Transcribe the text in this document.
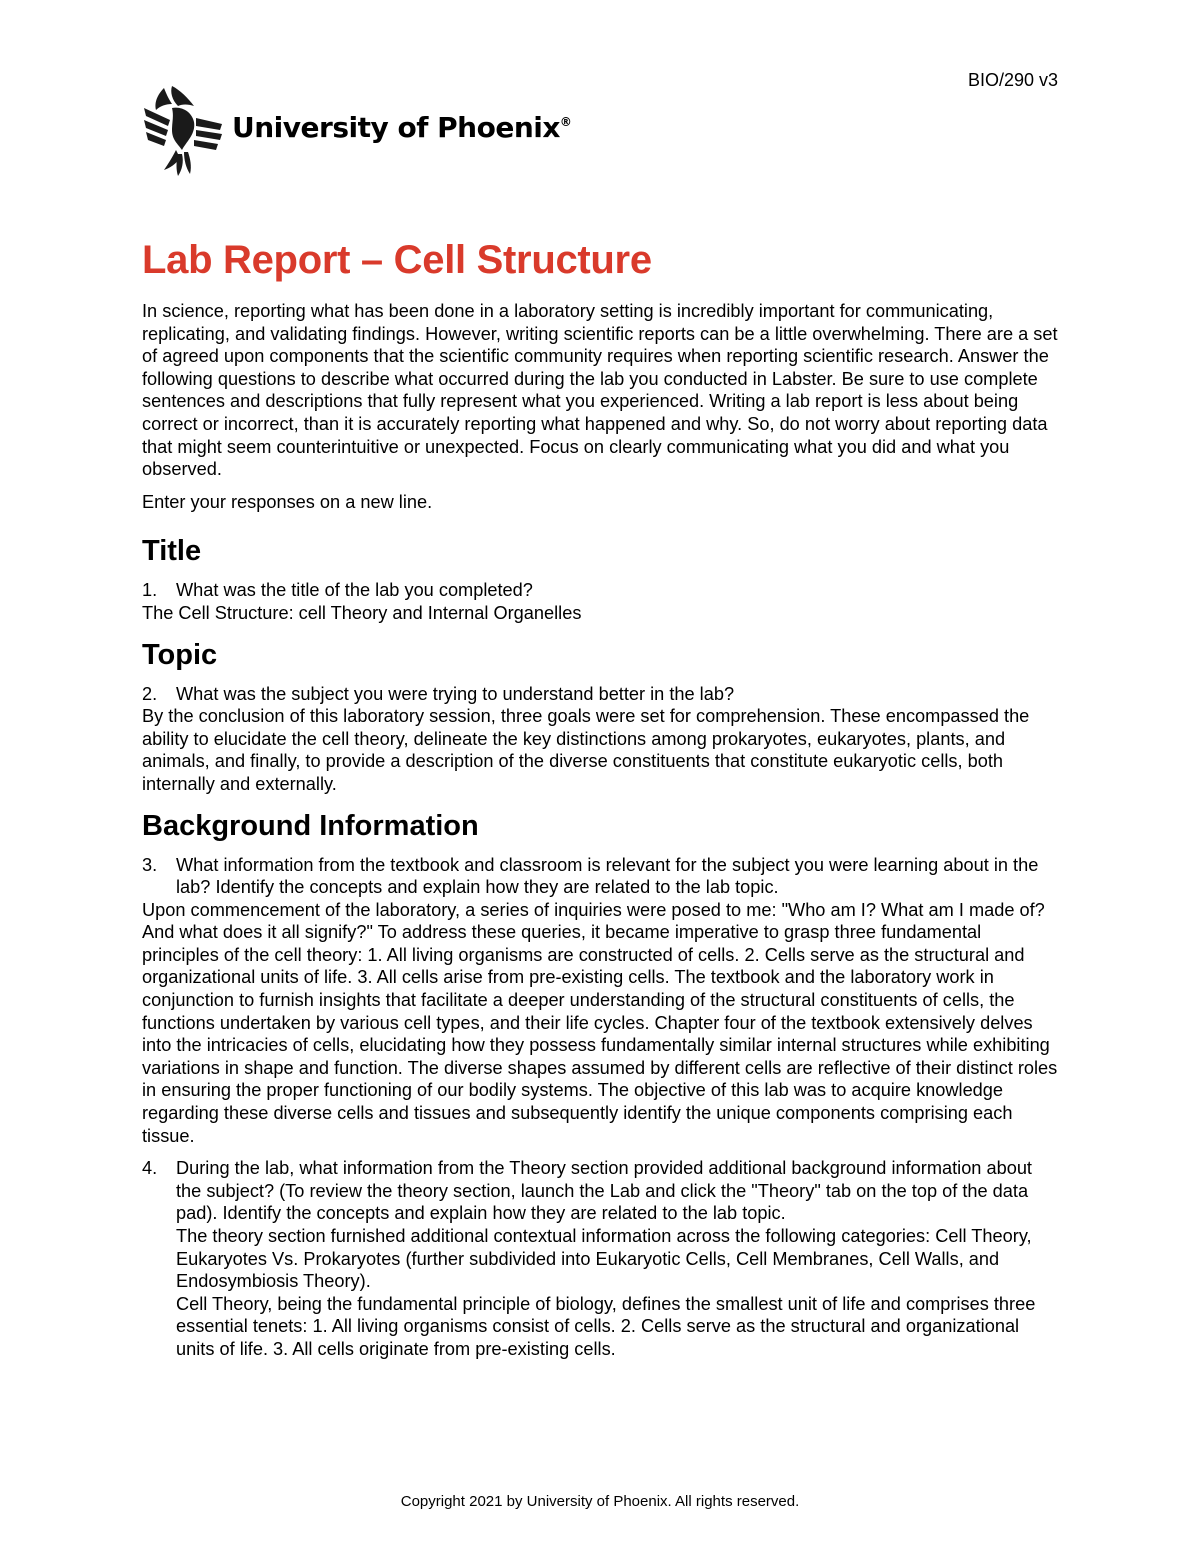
BIO/290 v3
University of Phoenix®
Lab Report – Cell Structure

In science, reporting what has been done in a laboratory setting is incredibly important for communicating, replicating, and validating findings. However, writing scientific reports can be a little overwhelming. There are a set of agreed upon components that the scientific community requires when reporting scientific research. Answer the following questions to describe what occurred during the lab you conducted in Labster. Be sure to use complete sentences and descriptions that fully represent what you experienced. Writing a lab report is less about being correct or incorrect, than it is accurately reporting what happened and why. So, do not worry about reporting data that might seem counterintuitive or unexpected. Focus on clearly communicating what you did and what you observed.

Enter your responses on a new line.

Title
1.	What was the title of the lab you completed?

The Cell Structure: cell Theory and Internal Organelles

Topic
2.	What was the subject you were trying to understand better in the lab?

By the conclusion of this laboratory session, three goals were set for comprehension. These encompassed the ability to elucidate the cell theory, delineate the key distinctions among prokaryotes, eukaryotes, plants, and animals, and finally, to provide a description of the diverse constituents that constitute eukaryotic cells, both internally and externally.

Background Information
3.	What information from the textbook and classroom is relevant for the subject you were learning about in the lab? Identify the concepts and explain how they are related to the lab topic.

Upon commencement of the laboratory, a series of inquiries were posed to me: "Who am I? What am I made of? And what does it all signify?" To address these queries, it became imperative to grasp three fundamental principles of the cell theory: 1. All living organisms are constructed of cells. 2. Cells serve as the structural and organizational units of life. 3. All cells arise from pre-existing cells. The textbook and the laboratory work in conjunction to furnish insights that facilitate a deeper understanding of the structural constituents of cells, the functions undertaken by various cell types, and their life cycles. Chapter four of the textbook extensively delves into the intricacies of cells, elucidating how they possess fundamentally similar internal structures while exhibiting variations in shape and function. The diverse shapes assumed by different cells are reflective of their distinct roles in ensuring the proper functioning of our bodily systems. The objective of this lab was to acquire knowledge regarding these diverse cells and tissues and subsequently identify the unique components comprising each tissue.

4.	During the lab, what information from the Theory section provided additional background information about the subject? (To review the theory section, launch the Lab and click the "Theory" tab on the top of the data pad). Identify the concepts and explain how they are related to the lab topic.

The theory section furnished additional contextual information across the following categories: Cell Theory, Eukaryotes Vs. Prokaryotes (further subdivided into Eukaryotic Cells, Cell Membranes, Cell Walls, and Endosymbiosis Theory).

Cell Theory, being the fundamental principle of biology, defines the smallest unit of life and comprises three essential tenets: 1. All living organisms consist of cells. 2. Cells serve as the structural and organizational units of life. 3. All cells originate from pre-existing cells.

Copyright 2021 by University of Phoenix. All rights reserved.
